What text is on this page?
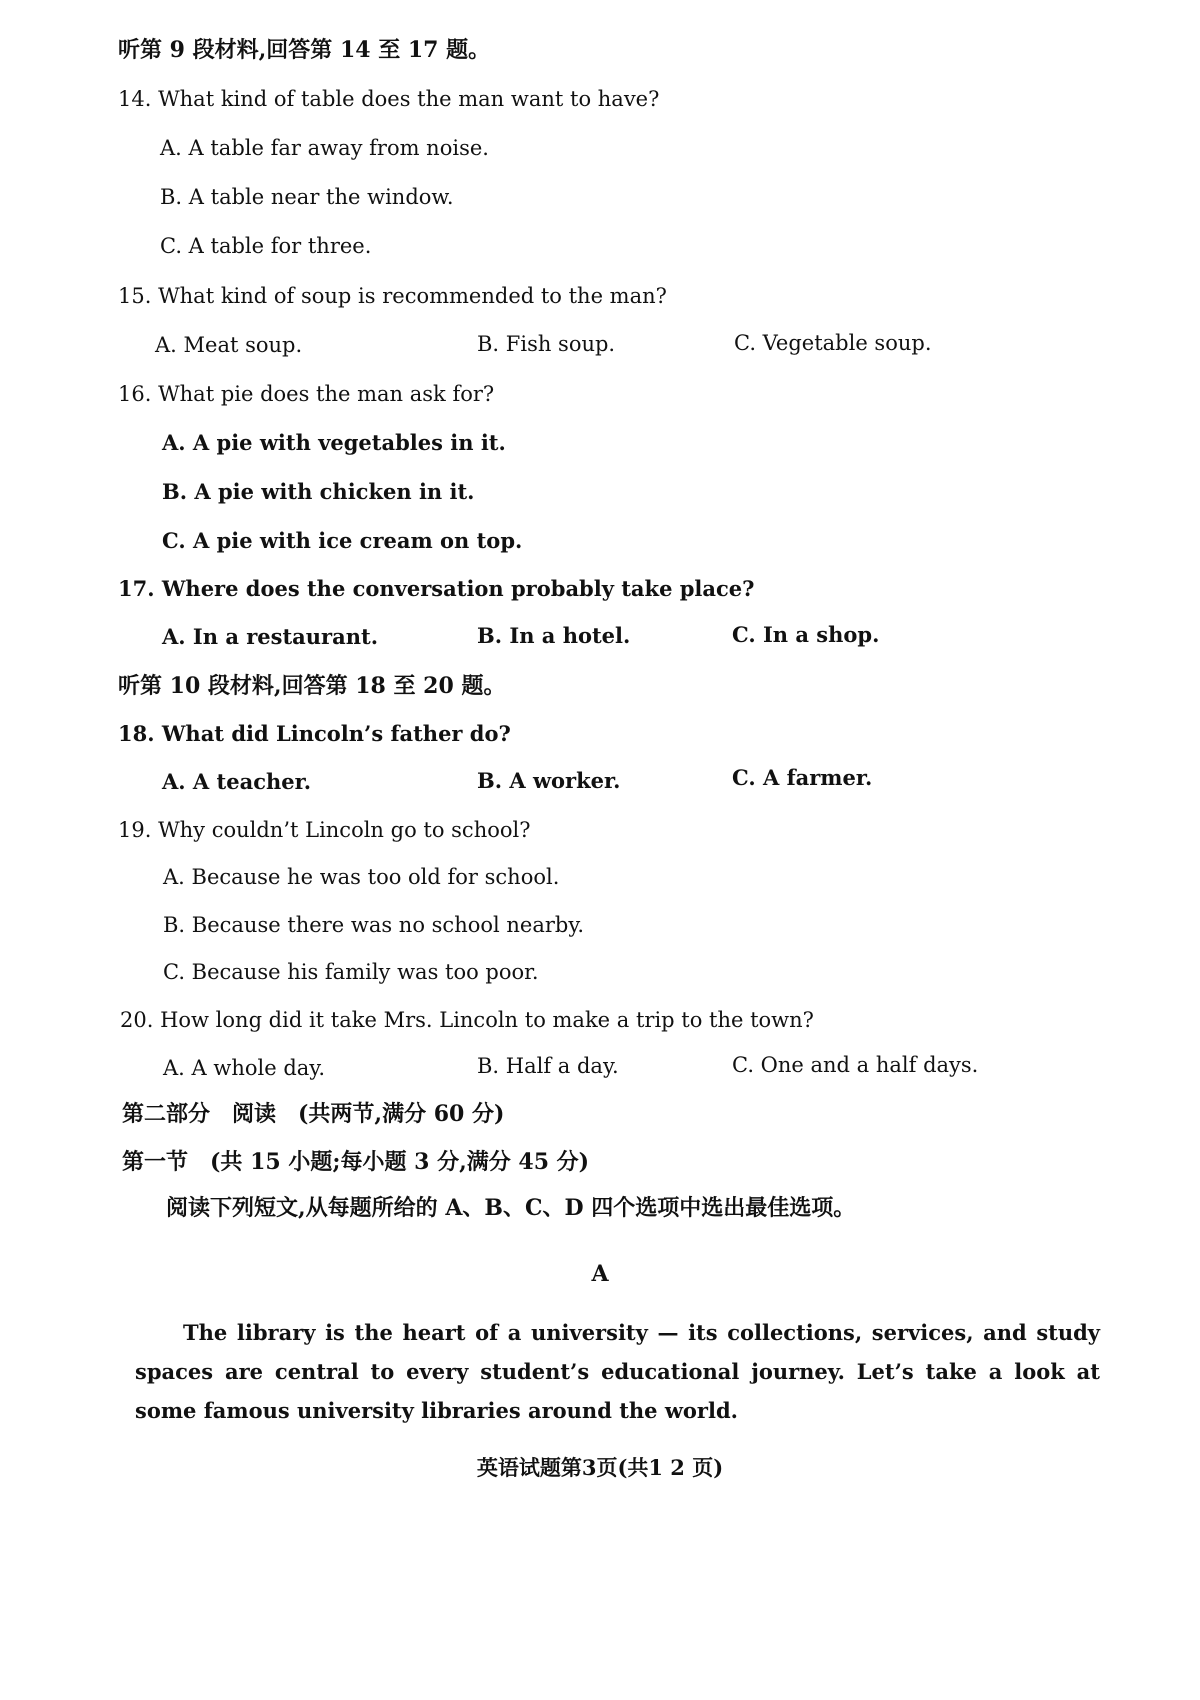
听第 9 段材料,回答第 14 至 17 题。
14. What kind of table does the man want to have?
A. A table far away from noise.
B. A table near the window.
C. A table for three.
15. What kind of soup is recommended to the man?
A. Meat soup.	B. Fish soup.	C. Vegetable soup.
16. What pie does the man ask for?
A. A pie with vegetables in it.
B. A pie with chicken in it.
C. A pie with ice cream on top.
17. Where does the conversation probably take place?
A. In a restaurant.	B. In a hotel.	C. In a shop.
听第 10 段材料,回答第 18 至 20 题。
18. What did Lincoln’s father do?
A. A teacher.	B. A worker.	C. A farmer.
19. Why couldn’t Lincoln go to school?
A. Because he was too old for school.
B. Because there was no school nearby.
C. Because his family was too poor.
20. How long did it take Mrs. Lincoln to make a trip to the town?
A. A whole day.	B. Half a day.	C. One and a half days.
第二部分　阅读　(共两节,满分 60 分)
第一节　(共 15 小题;每小题 3 分,满分 45 分)
阅读下列短文,从每题所给的 A、B、C、D 四个选项中选出最佳选项。
A
The library is the heart of a university — its collections, services, and study spaces are central to every student’s educational journey. Let’s take a look at some famous university libraries around the world.
英语试题第3页(共1 2 页)
